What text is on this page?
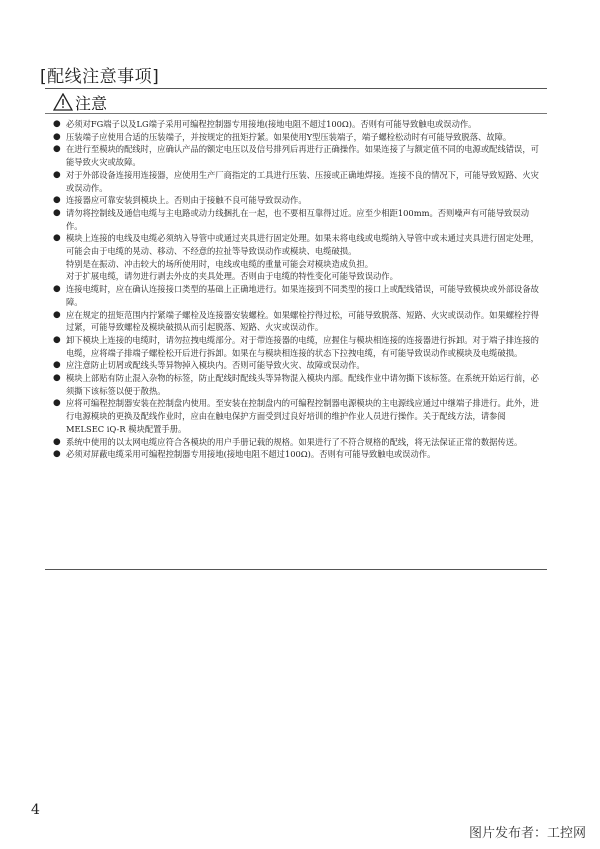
[配线注意事项]
注意
● 必须对FG端子以及LG端子采用可编程控制器专用接地(接地电阻不超过100Ω)。否则有可能导致触电或误动作。
● 压装端子应使用合适的压装端子，并按规定的扭矩拧紧。如果使用Y型压装端子，端子螺栓松动时有可能导致脱落、故障。
● 在进行至模块的配线时，应确认产品的额定电压以及信号排列后再进行正确操作。如果连接了与额定值不同的电源或配线错误，可能导致火灾或故障。
● 对于外部设备连接用连接器，应使用生产厂商指定的工具进行压装、压接或正确地焊接。连接不良的情况下，可能导致短路、火灾或误动作。
● 连接器应可靠安装到模块上。否则由于接触不良可能导致误动作。
● 请勿将控制线及通信电缆与主电路或动力线捆扎在一起，也不要相互靠得过近。应至少相距100mm。否则噪声有可能导致误动作。
● 模块上连接的电线及电缆必须纳入导管中或通过夹具进行固定处理。如果未将电线或电缆纳入导管中或未通过夹具进行固定处理，可能会由于电缆的晃动、移动、不经意的拉扯等导致误动作或模块、电缆破损。
特别是在振动、冲击较大的场所使用时，电线或电缆的重量可能会对模块造成负担。
对于扩展电缆，请勿进行剥去外皮的夹具处理。否则由于电缆的特性变化可能导致误动作。
● 连接电缆时，应在确认连接接口类型的基础上正确地进行。如果连接到不同类型的接口上或配线错误，可能导致模块或外部设备故障。
● 应在规定的扭矩范围内拧紧端子螺栓及连接器安装螺栓。如果螺栓拧得过松，可能导致脱落、短路、火灾或误动作。如果螺栓拧得过紧，可能导致螺栓及模块破损从而引起脱落、短路、火灾或误动作。
● 卸下模块上连接的电缆时，请勿拉拽电缆部分。对于带连接器的电缆，应握住与模块相连接的连接器进行拆卸。对于端子排连接的电缆，应将端子排端子螺栓松开后进行拆卸。如果在与模块相连接的状态下拉拽电缆，有可能导致误动作或模块及电缆破损。
● 应注意防止切屑或配线头等异物掉入模块内。否则可能导致火灾、故障或误动作。
● 模块上部贴有防止混入杂物的标签，防止配线时配线头等异物混入模块内部。配线作业中请勿撕下该标签。在系统开始运行前，必须撕下该标签以便于散热。
● 应将可编程控制器安装在控制盘内使用。至安装在控制盘内的可编程控制器电源模块的主电源线应通过中继端子排进行。此外，进行电源模块的更换及配线作业时，应由在触电保护方面受到过良好培训的维护作业人员进行操作。关于配线方法，请参阅MELSEC iQ-R 模块配置手册。
● 系统中使用的以太网电缆应符合各模块的用户手册记载的规格。如果进行了不符合规格的配线，将无法保证正常的数据传送。
● 必须对屏蔽电缆采用可编程控制器专用接地(接地电阻不超过100Ω)。否则有可能导致触电或误动作。
4
图片发布者：工控网
